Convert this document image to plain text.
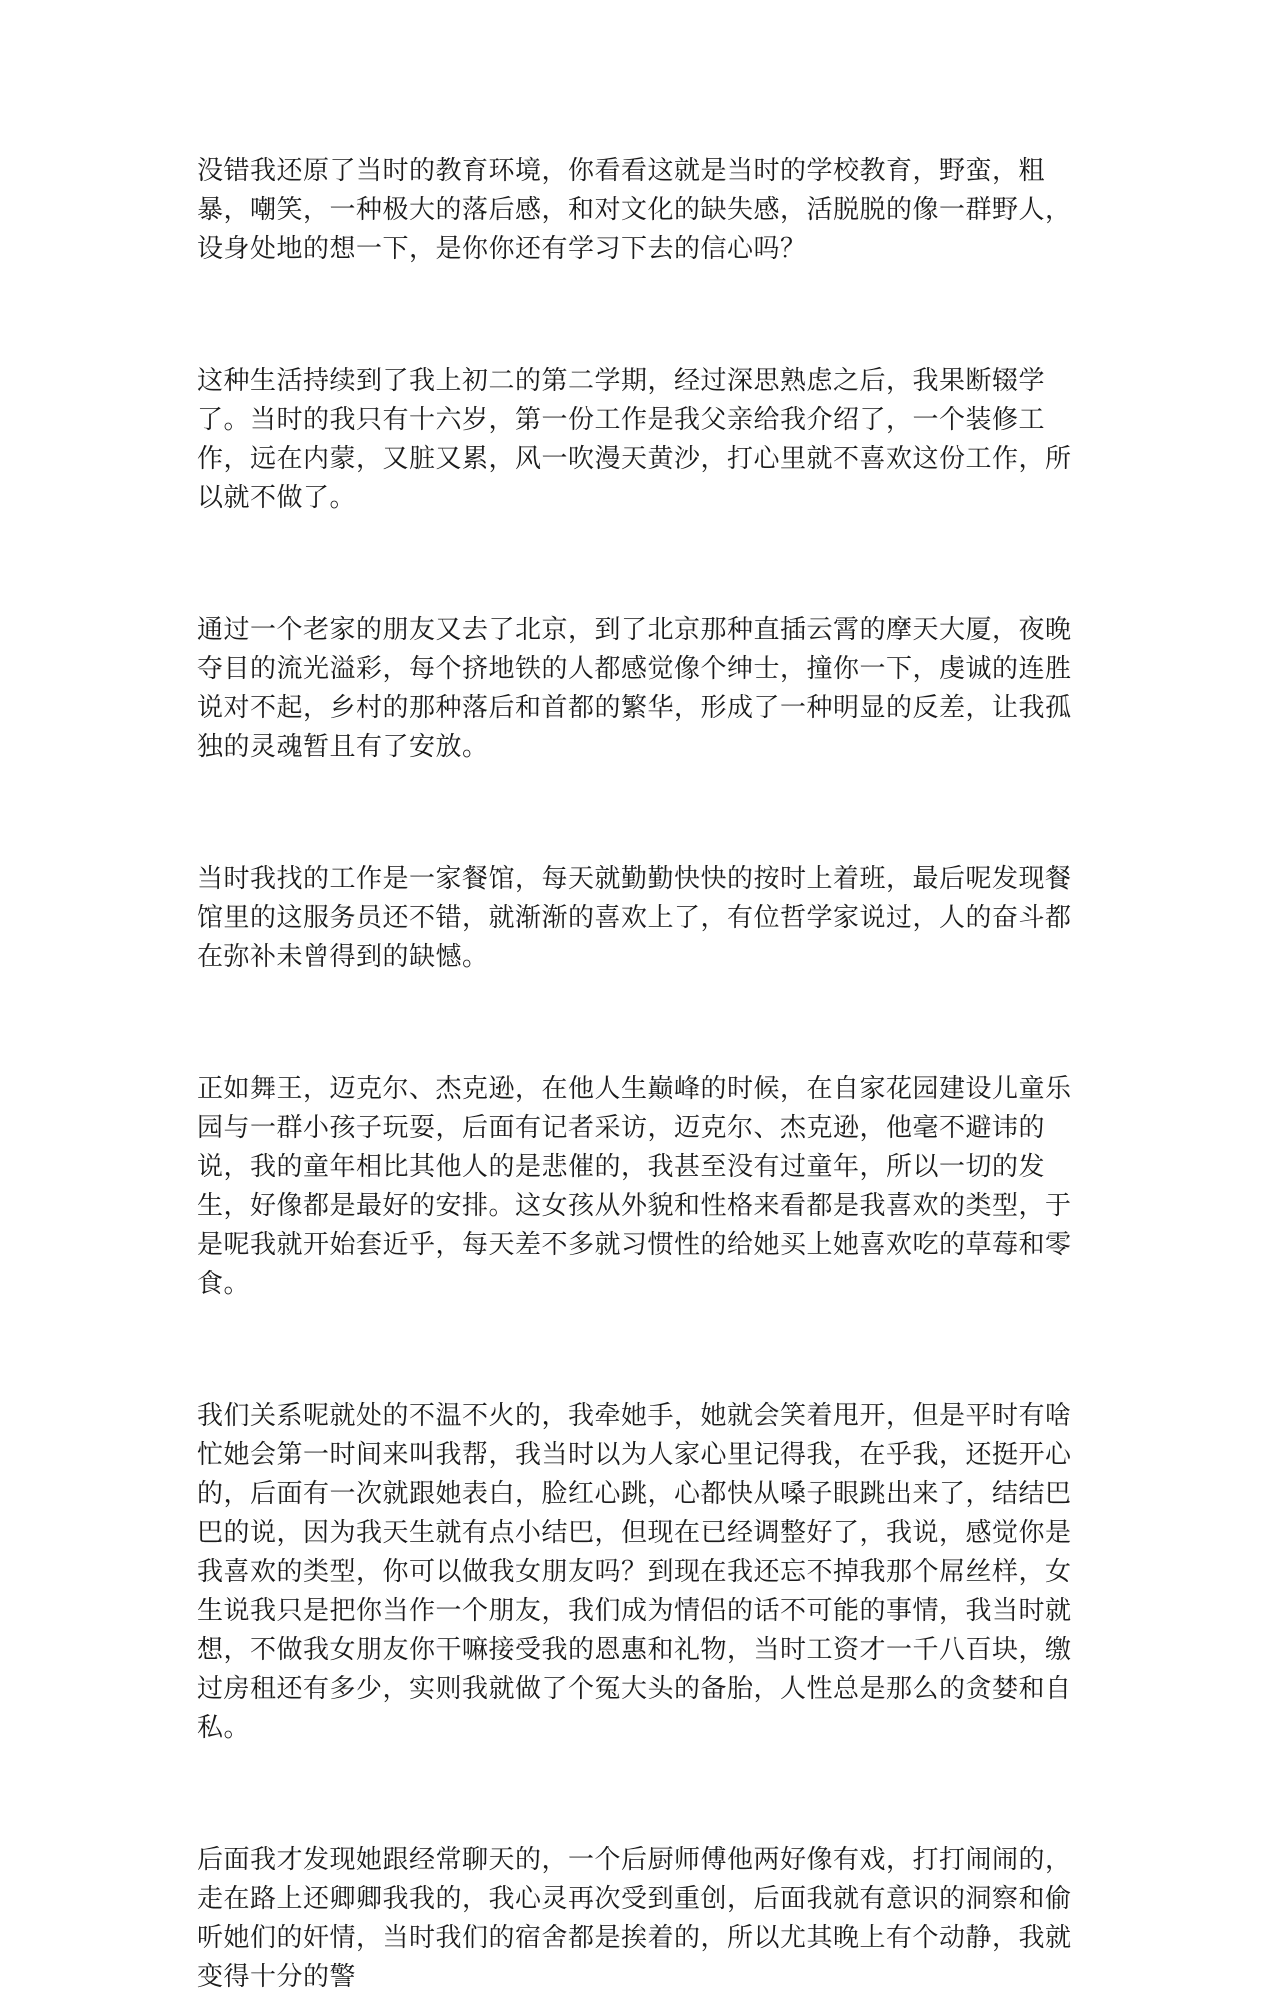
没错我还原了当时的教育环境，你看看这就是当时的学校教育，野蛮，粗暴，嘲笑，一种极大的落后感，和对文化的缺失感，活脱脱的像一群野人，设身处地的想一下，是你你还有学习下去的信心吗？

这种生活持续到了我上初二的第二学期，经过深思熟虑之后，我果断辍学了。当时的我只有十六岁，第一份工作是我父亲给我介绍了，一个装修工作，远在内蒙，又脏又累，风一吹漫天黄沙，打心里就不喜欢这份工作，所以就不做了。

通过一个老家的朋友又去了北京，到了北京那种直插云霄的摩天大厦，夜晚夺目的流光溢彩，每个挤地铁的人都感觉像个绅士，撞你一下，虔诚的连胜说对不起，乡村的那种落后和首都的繁华，形成了一种明显的反差，让我孤独的灵魂暂且有了安放。

当时我找的工作是一家餐馆，每天就勤勤快快的按时上着班，最后呢发现餐馆里的这服务员还不错，就渐渐的喜欢上了，有位哲学家说过，人的奋斗都在弥补未曾得到的缺憾。

正如舞王，迈克尔、杰克逊，在他人生巅峰的时候，在自家花园建设儿童乐园与一群小孩子玩耍，后面有记者采访，迈克尔、杰克逊，他毫不避讳的说，我的童年相比其他人的是悲催的，我甚至没有过童年，所以一切的发生，好像都是最好的安排。这女孩从外貌和性格来看都是我喜欢的类型，于是呢我就开始套近乎，每天差不多就习惯性的给她买上她喜欢吃的草莓和零食。

我们关系呢就处的不温不火的，我牵她手，她就会笑着甩开，但是平时有啥忙她会第一时间来叫我帮，我当时以为人家心里记得我，在乎我，还挺开心的，后面有一次就跟她表白，脸红心跳，心都快从嗓子眼跳出来了，结结巴巴的说，因为我天生就有点小结巴，但现在已经调整好了，我说，感觉你是我喜欢的类型，你可以做我女朋友吗？到现在我还忘不掉我那个屌丝样，女生说我只是把你当作一个朋友，我们成为情侣的话不可能的事情，我当时就想，不做我女朋友你干嘛接受我的恩惠和礼物，当时工资才一千八百块，缴过房租还有多少，实则我就做了个冤大头的备胎，人性总是那么的贪婪和自私。

后面我才发现她跟经常聊天的，一个后厨师傅他两好像有戏，打打闹闹的，走在路上还卿卿我我的，我心灵再次受到重创，后面我就有意识的洞察和偷听她们的奸情，当时我们的宿舍都是挨着的，所以尤其晚上有个动静，我就变得十分的警
